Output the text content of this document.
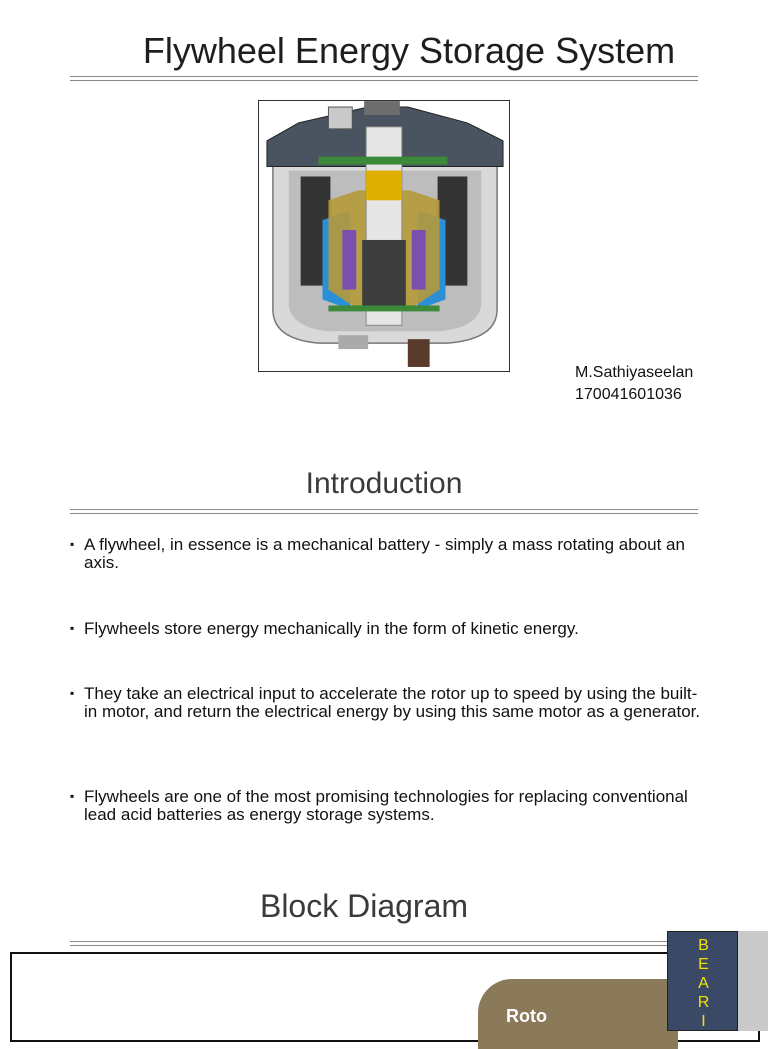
Flywheel Energy Storage System
M.Sathiyaseelan
170041601036
Introduction
▪ A flywheel, in essence is a mechanical battery - simply a mass rotating about an axis.
▪ Flywheels store energy mechanically in the form of kinetic energy.
▪ They take an electrical input to accelerate the rotor up to speed by using the built-in motor, and return the electrical energy by using this same motor as a generator.
▪ Flywheels are one of the most promising technologies for replacing conventional lead acid batteries as energy storage systems.
Block Diagram
Roto
B
E
A
R
I
